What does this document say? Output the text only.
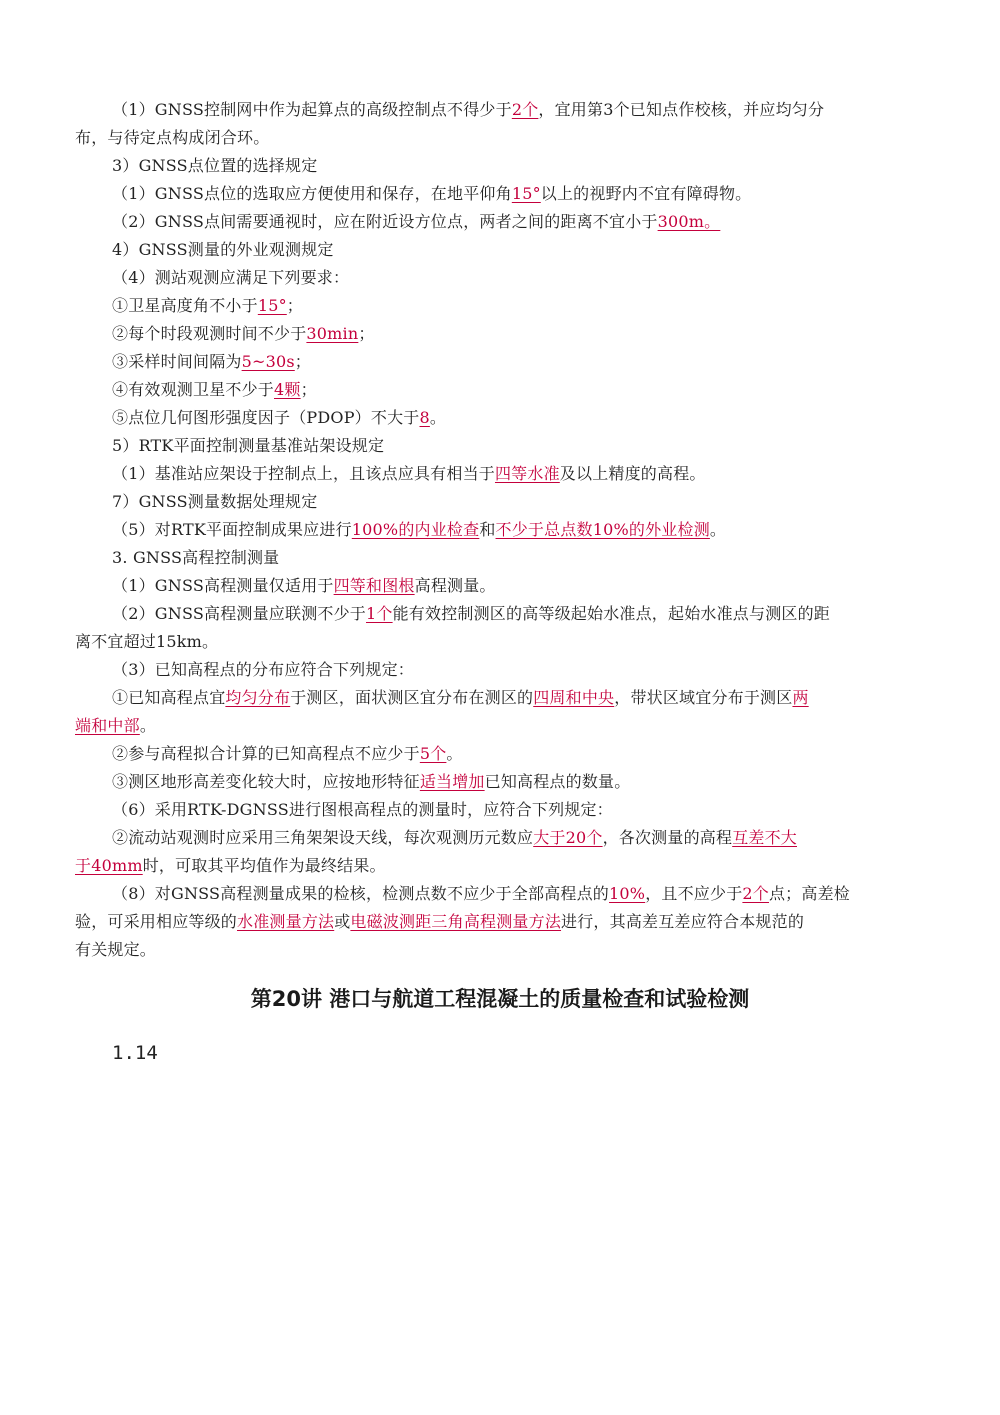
（1）GNSS控制网中作为起算点的高级控制点不得少于2个，宜用第3个已知点作校核，并应均匀分
布，与待定点构成闭合环。
3）GNSS点位置的选择规定
（1）GNSS点位的选取应方便使用和保存，在地平仰角15°以上的视野内不宜有障碍物。
（2）GNSS点间需要通视时，应在附近设方位点，两者之间的距离不宜小于300m。
4）GNSS测量的外业观测规定
（4）测站观测应满足下列要求：
①卫星高度角不小于15°；
②每个时段观测时间不少于30min；
③采样时间间隔为5~30s；
④有效观测卫星不少于4颗；
⑤点位几何图形强度因子（PDOP）不大于8。
5）RTK平面控制测量基准站架设规定
（1）基准站应架设于控制点上，且该点应具有相当于四等水准及以上精度的高程。
7）GNSS测量数据处理规定
（5）对RTK平面控制成果应进行100%的内业检查和不少于总点数10%的外业检测。
3. GNSS高程控制测量
（1）GNSS高程测量仅适用于四等和图根高程测量。
（2）GNSS高程测量应联测不少于1个能有效控制测区的高等级起始水准点，起始水准点与测区的距
离不宜超过15km。
（3）已知高程点的分布应符合下列规定：
①已知高程点宜均匀分布于测区，面状测区宜分布在测区的四周和中央，带状区域宜分布于测区两
端和中部。
②参与高程拟合计算的已知高程点不应少于5个。
③测区地形高差变化较大时，应按地形特征适当增加已知高程点的数量。
（6）采用RTK-DGNSS进行图根高程点的测量时，应符合下列规定：
②流动站观测时应采用三角架架设天线，每次观测历元数应大于20个，各次测量的高程互差不大
于40mm时，可取其平均值作为最终结果。
（8）对GNSS高程测量成果的检核，检测点数不应少于全部高程点的10%，且不应少于2个点；高差检
验，可采用相应等级的水准测量方法或电磁波测距三角高程测量方法进行，其高差互差应符合本规范的
有关规定。
第20讲 港口与航道工程混凝土的质量检查和试验检测
1.14
